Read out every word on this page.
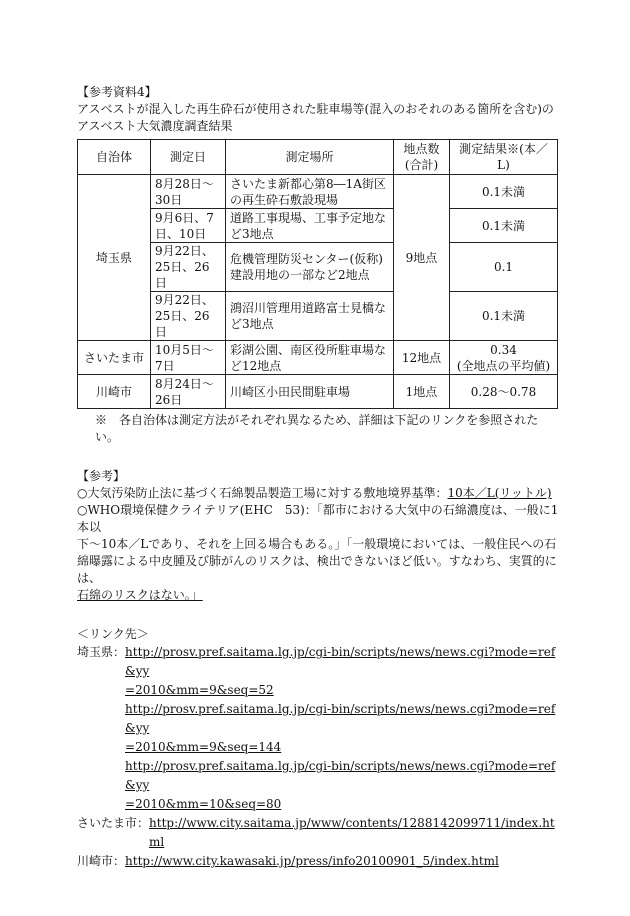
【参考資料4】
アスベストが混入した再生砕石が使用された駐車場等(混入のおそれのある箇所を含む)の
アスベスト大気濃度調査結果
自治体	測定日	測定場所	地点数(合計)	測定結果※(本／L)
埼玉県	8月28日～30日	さいたま新都心第8―1A街区の再生砕石敷設現場	9地点	0.1未満
	9月6日、7日、10日	道路工事現場、工事予定地など3地点		0.1未満
	9月22日、25日、26日	危機管理防災センター(仮称)建設用地の一部など2地点		0.1
	9月22日、25日、26日	鴻沼川管理用道路富士見橋など3地点		0.1未満
さいたま市	10月5日～7日	彩湖公園、南区役所駐車場など12地点	12地点	0.34
(全地点の平均値)

川崎市	8月24日～26日	川崎区小田民間駐車場	1地点	0.28～0.78
※　各自治体は測定方法がそれぞれ異なるため、詳細は下記のリンクを参照されたい。
【参考】
○大気汚染防止法に基づく石綿製品製造工場に対する敷地境界基準：10本／L(リットル)
○WHO環境保健クライテリア(EHC　53)：「都市における大気中の石綿濃度は、一般に1本以
下～10本／Lであり、それを上回る場合もある。」「一般環境においては、一般住民への石
綿曝露による中皮腫及び肺がんのリスクは、検出できないほど低い。すなわち、実質的には、
石綿のリスクはない。」
＜リンク先＞
埼玉県： http://prosv.pref.saitama.lg.jp/cgi-bin/scripts/news/news.cgi?mode=ref&yy
=2010&mm=9&seq=52
http://prosv.pref.saitama.lg.jp/cgi-bin/scripts/news/news.cgi?mode=ref&yy
=2010&mm=9&seq=144
http://prosv.pref.saitama.lg.jp/cgi-bin/scripts/news/news.cgi?mode=ref&yy
=2010&mm=10&seq=80
さいたま市： http://www.city.saitama.jp/www/contents/1288142099711/index.html
川崎市： http://www.city.kawasaki.jp/press/info20100901_5/index.html
